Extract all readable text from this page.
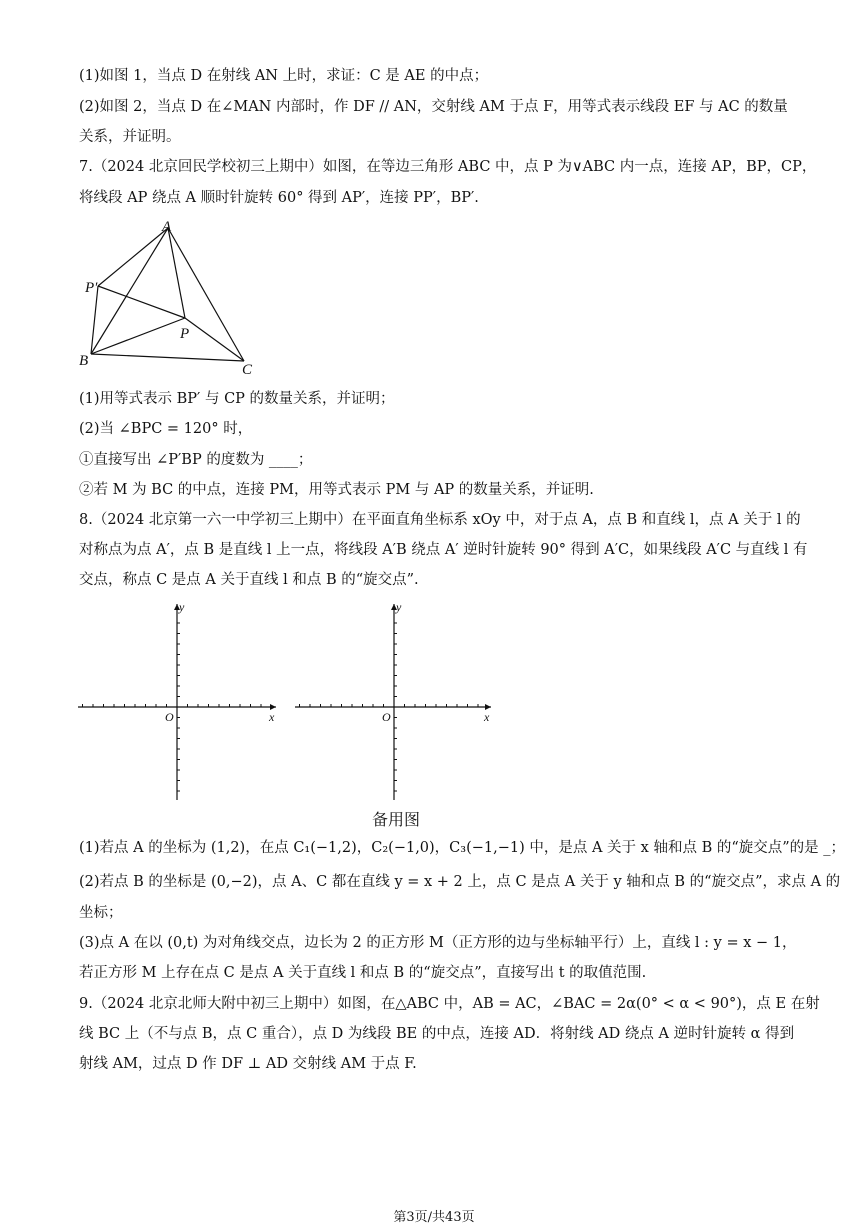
(1)如图 1，当点 D 在射线 AN 上时，求证：C 是 AE 的中点；
(2)如图 2，当点 D 在∠MAN 内部时，作 DF // AN，交射线 AM 于点 F，用等式表示线段 EF 与 AC 的数量
关系，并证明。
7.（2024 北京回民学校初三上期中）如图，在等边三角形 ABC 中，点 P 为∨ABC 内一点，连接 AP，BP，CP，
将线段 AP 绕点 A 顺时针旋转 60° 得到 AP′，连接 PP′，BP′.
A
P′
P
B
C
(1)用等式表示 BP′ 与 CP 的数量关系，并证明；
(2)当 ∠BPC = 120° 时，
①直接写出 ∠P′BP 的度数为 ____；
②若 M 为 BC 的中点，连接 PM，用等式表示 PM 与 AP 的数量关系，并证明.
8.（2024 北京第一六一中学初三上期中）在平面直角坐标系 xOy 中，对于点 A，点 B 和直线 l，点 A 关于 l 的
对称点为点 A′，点 B 是直线 l 上一点，将线段 A′B 绕点 A′ 逆时针旋转 90° 得到 A′C，如果线段 A′C 与直线 l 有
交点，称点 C 是点 A 关于直线 l 和点 B 的“旋交点”.
y
x
O
y
x
O
备用图
(1)若点 A 的坐标为 (1,2)，在点 C₁(−1,2)，C₂(−1,0)，C₃(−1,−1) 中，是点 A 关于 x 轴和点 B 的“旋交点”的是 _；
(2)若点 B 的坐标是 (0,−2)，点 A、C 都在直线 y = x + 2 上，点 C 是点 A 关于 y 轴和点 B 的“旋交点”，求点 A 的
坐标；
(3)点 A 在以 (0,t) 为对角线交点，边长为 2 的正方形 M（正方形的边与坐标轴平行）上，直线 l : y = x − 1，
若正方形 M 上存在点 C 是点 A 关于直线 l 和点 B 的“旋交点”，直接写出 t 的取值范围.
9.（2024 北京北师大附中初三上期中）如图，在△ABC 中，AB = AC，∠BAC = 2α(0° < α < 90°)，点 E 在射
线 BC 上（不与点 B，点 C 重合），点 D 为线段 BE 的中点，连接 AD．将射线 AD 绕点 A 逆时针旋转 α 得到
射线 AM，过点 D 作 DF ⊥ AD 交射线 AM 于点 F.
第3页/共43页
